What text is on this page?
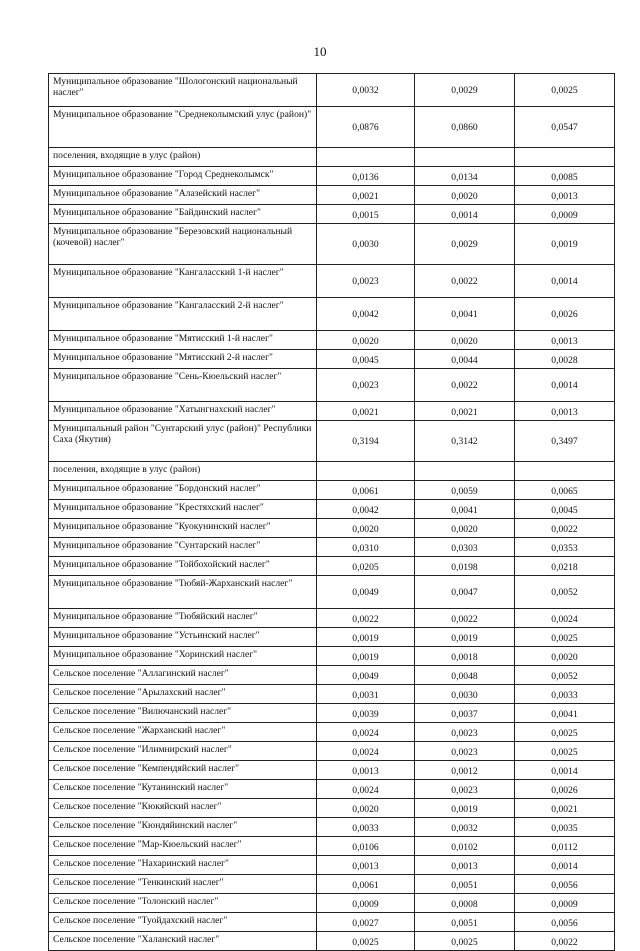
10
Муниципальное образование "Шологонский национальный наслег"	0,0032	0,0029	0,0025
Муниципальное образование "Среднеколымский улус (район)"	0,0876	0,0860	0,0547
поселения, входящие в улус (район)			
Муниципальное образование "Город Среднеколымск"	0,0136	0,0134	0,0085
Муниципальное образование "Алазейский наслег"	0,0021	0,0020	0,0013
Муниципальное образование "Байдинский наслег"	0,0015	0,0014	0,0009
Муниципальное образование "Березовский национальный (кочевой) наслег"	0,0030	0,0029	0,0019
Муниципальное образование "Кангаласский 1-й наслег"	0,0023	0,0022	0,0014
Муниципальное образование "Кангаласский 2-й наслег"	0,0042	0,0041	0,0026
Муниципальное образование "Мятисский 1-й наслег"	0,0020	0,0020	0,0013
Муниципальное образование "Мятисский 2-й наслег"	0,0045	0,0044	0,0028
Муниципальное образование "Сень-Кюельский наслег"	0,0023	0,0022	0,0014
Муниципальное образование "Хатынгнахский наслег"	0,0021	0,0021	0,0013
Муниципальный район "Сунтарский улус (район)" Республики Саха (Якутия)	0,3194	0,3142	0,3497
поселения, входящие в улус (район)			
Муниципальное образование "Бордонский наслег"	0,0061	0,0059	0,0065
Муниципальное образование "Крестяхский наслег"	0,0042	0,0041	0,0045
Муниципальное образование "Куокунинский наслег"	0,0020	0,0020	0,0022
Муниципальное образование "Сунтарский наслег"	0,0310	0,0303	0,0353
Муниципальное образование "Тойбохойский наслег"	0,0205	0,0198	0,0218
Муниципальное образование "Тюбяй-Жарханский наслег"	0,0049	0,0047	0,0052
Муниципальное образование "Тюбяйский наслег"	0,0022	0,0022	0,0024
Муниципальное образование "Устьинский наслег"	0,0019	0,0019	0,0025
Муниципальное образование "Хоринский наслег"	0,0019	0,0018	0,0020
Сельское поселение "Аллагинский наслег"	0,0049	0,0048	0,0052
Сельское поселение "Арылахский наслег"	0,0031	0,0030	0,0033
Сельское поселение "Вилючанский наслег"	0,0039	0,0037	0,0041
Сельское поселение "Жарханский наслег"	0,0024	0,0023	0,0025
Сельское поселение "Илимнирский наслег"	0,0024	0,0023	0,0025
Сельское поселение "Кемпендяйский наслег"	0,0013	0,0012	0,0014
Сельское поселение "Кутанинский наслег"	0,0024	0,0023	0,0026
Сельское поселение "Кюкяйский наслег"	0,0020	0,0019	0,0021
Сельское поселение "Кюндяйинский наслег"	0,0033	0,0032	0,0035
Сельское поселение "Мар-Кюельский наслег"	0,0106	0,0102	0,0112
Сельское поселение "Нахаринский наслег"	0,0013	0,0013	0,0014
Сельское поселение "Тенкинский наслег"	0,0061	0,0051	0,0056
Сельское поселение "Толонский наслег"	0,0009	0,0008	0,0009
Сельское поселение "Туойдахский наслег"	0,0027	0,0051	0,0056
Сельское поселение "Халанский наслег"	0,0025	0,0025	0,0022
